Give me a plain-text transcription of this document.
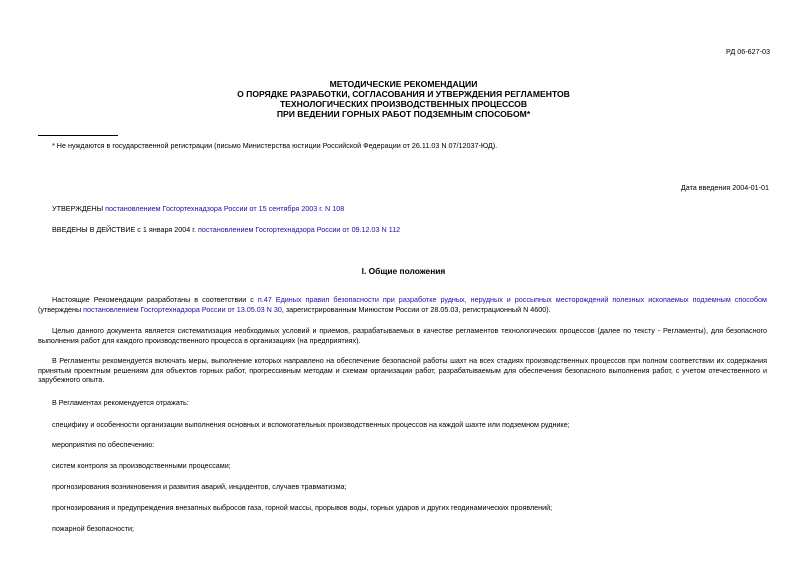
РД 06-627-03
МЕТОДИЧЕСКИЕ РЕКОМЕНДАЦИИ
О ПОРЯДКЕ РАЗРАБОТКИ, СОГЛАСОВАНИЯ И УТВЕРЖДЕНИЯ РЕГЛАМЕНТОВ
ТЕХНОЛОГИЧЕСКИХ ПРОИЗВОДСТВЕННЫХ ПРОЦЕССОВ
ПРИ ВЕДЕНИИ ГОРНЫХ РАБОТ ПОДЗЕМНЫМ СПОСОБОМ*
* Не нуждаются в государственной регистрации (письмо Министерства юстиции Российской Федерации от 26.11.03 N 07/12037-ЮД).
Дата введения 2004-01-01
УТВЕРЖДЕНЫ постановлением Госгортехнадзора России от 15 сентября 2003 г. N 108
ВВЕДЕНЫ В ДЕЙСТВИЕ с 1 января 2004 г. постановлением Госгортехнадзора России от 09.12.03 N 112
I. Общие положения
Настоящие Рекомендации разработаны в соответствии с п.47 Единых правил безопасности при разработке рудных, нерудных и россыпных месторождений полезных ископаемых подземным способом (утверждены постановлением Госгортехнадзора России от 13.05.03 N 30, зарегистрированным Минюстом России от 28.05.03, регистрационный N 4600).
Целью данного документа является систематизация необходимых условий и приемов, разрабатываемых в качестве регламентов технологических процессов (далее по тексту - Регламенты), для безопасного выполнения работ для каждого производственного процесса в организациях (на предприятиях).
В Регламенты рекомендуется включать меры, выполнение которых направлено на обеспечение безопасной работы шахт на всех стадиях производственных процессов при полном соответствии их содержания принятым проектным решениям для объектов горных работ, прогрессивным методам и схемам организации работ, разрабатываемым для обеспечения безопасного выполнения работ, с учетом отечественного и зарубежного опыта.
В Регламентах рекомендуется отражать:
специфику и особенности организации выполнения основных и вспомогательных производственных процессов на каждой шахте или подземном руднике;
мероприятия по обеспечению:
систем контроля за производственными процессами;
прогнозирования возникновения и развития аварий, инцидентов, случаев травматизма;
прогнозирования и предупреждения внезапных выбросов газа, горной массы, прорывов воды, горных ударов и других геодинамических проявлений;
пожарной безопасности;
